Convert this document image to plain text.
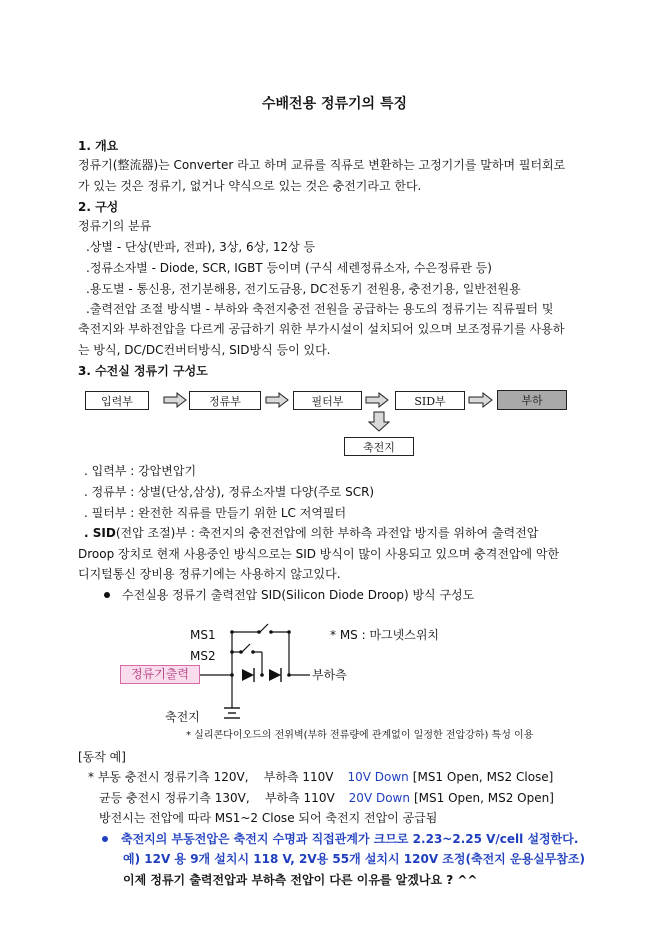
수배전용 정류기의 특징
1. 개요
정류기(整流器)는 Converter 라고 하며 교류를 직류로 변환하는 고정기기를 말하며 필터회로
가 있는 것은 정류기, 없거나 약식으로 있는 것은 충전기라고 한다.
2. 구성
정류기의 분류
.상별 - 단상(반파, 전파), 3상, 6상, 12상 등
.정류소자별 - Diode, SCR, IGBT 등이며 (구식 세렌정류소자, 수은정류관 등)
.용도별 - 통신용, 전기분해용, 전기도금용, DC전동기 전원용, 충전기용, 일반전원용
.출력전압 조절 방식별 - 부하와 축전지충전 전원을 공급하는 용도의 정류기는 직류필터 및
축전지와 부하전압을 다르게 공급하기 위한 부가시설이 설치되어 있으며 보조정류기를 사용하
는 방식, DC/DC컨버터방식, SID방식 등이 있다.
3. 수전실 정류기 구성도
입력부	정류부	필터부	SID부	부하
축전지
. 입력부 : 강압변압기
. 정류부 : 상별(단상,삼상), 정류소자별 다양(주로 SCR)
. 필터부 : 완전한 직류를 만들기 위한 LC 저역필터
. SID(전압 조절)부 : 축전지의 충전전압에 의한 부하측 과전압 방지를 위하여 출력전압
Droop 장치로 현재 사용중인 방식으로는 SID 방식이 많이 사용되고 있으며 충격전압에 악한
디지털통신 장비용 정류기에는 사용하지 않고있다.
수전실용 정류기 출력전압 SID(Silicon Diode Droop) 방식 구성도
MS1
MS2
* MS : 마그넷스위치
정류기출력	부하측
축전지
* 실리콘다이오드의 전위벽(부하 전류량에 관계없이 일정한 전압강하) 특성 이용
[동작 예]
* 부동 충전시 정류기측 120V,    부하측 110V 10V Down [MS1 Open, MS2 Close]
균등 충전시 정류기측 130V,    부하측 110V 20V Down [MS1 Open, MS2 Open]
방전시는 전압에 따라 MS1~2 Close 되어 축전지 전압이 공급됨
축전지의 부동전압은 축전지 수명과 직접관계가 크므로 2.23~2.25 V/cell 설정한다.
예) 12V 용 9개 설치시 118 V, 2V용 55개 설치시 120V 조정(축전지 운용실무참조)
이제 정류기 출력전압과 부하측 전압이 다른 이유를 알겠나요 ? ^^
